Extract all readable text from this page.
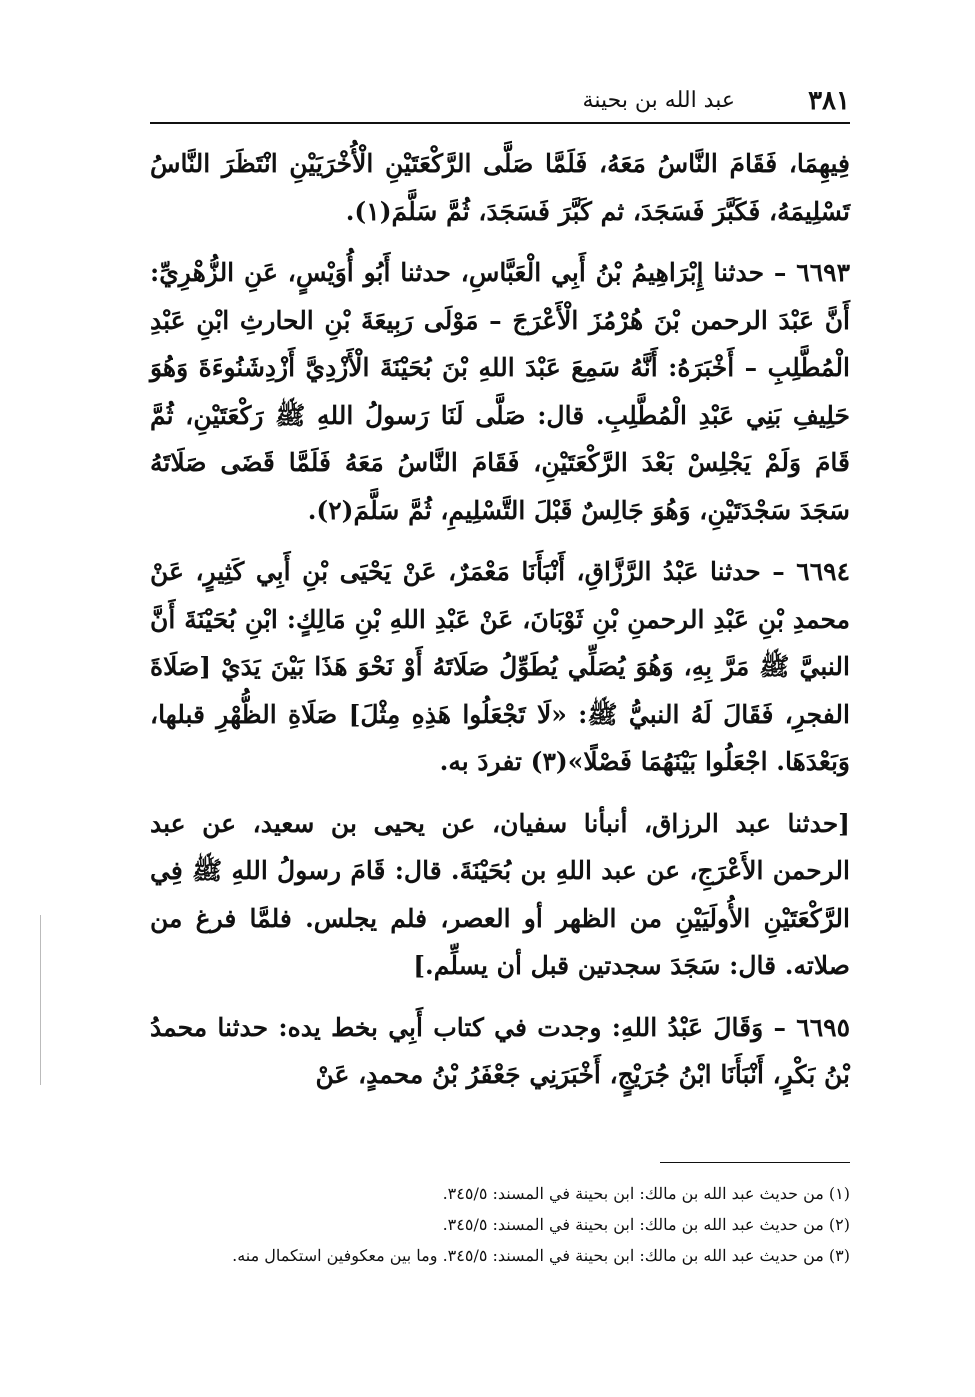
٣٨١
عبد الله بن بحينة

فِيهِمَا، فَقَامَ النَّاسُ مَعَهُ، فَلَمَّا صَلَّى الرَّكْعَتَيْنِ الْأُخْرَيَيْنِ انْتَظَرَ النَّاسُ تَسْلِيمَهُ، فَكَبَّرَ فَسَجَدَ، ثم كَبَّرَ فَسَجَدَ، ثُمَّ سَلَّمَ(١).

٦٦٩٣ – حدثنا إِبْرَاهِيمُ بْنُ أَبِي الْعَبَّاسِ، حدثنا أَبُو أُوَيْسٍ، عَنِ الزُّهْرِيِّ: أَنَّ عَبْدَ الرحمن بْنَ هُرْمُزَ الْأَعْرَجَ – مَوْلَى رَبِيعَةَ بْنِ الحارثِ ابْنِ عَبْدِ الْمُطَّلِبِ – أَخْبَرَهُ: أَنَّهُ سَمِعَ عَبْدَ اللهِ بْنَ بُحَيْنَةَ الْأَزْدِيَّ أَزْدِشَنُوءَةَ وَهُوَ حَلِيفِ بَنِي عَبْدِ الْمُطَّلِبِ. قال: صَلَّى لَنَا رَسولُ اللهِ ﷺ رَكْعَتَيْنِ، ثُمَّ قَامَ وَلَمْ يَجْلِسْ بَعْدَ الرَّكْعَتَيْنِ، فَقَامَ النَّاسُ مَعَهُ فَلَمَّا قَضَى صَلَاتَهُ سَجَدَ سَجْدَتَيْنِ، وَهُوَ جَالِسٌ قَبْلَ التَّسْلِيمِ، ثُمَّ سَلَّمَ(٢).

٦٦٩٤ – حدثنا عَبْدُ الرَّزَّاقِ، أَنْبَأَنَا مَعْمَرٌ، عَنْ يَحْيَى بْنِ أَبِي كَثِيرٍ، عَنْ محمدِ بْنِ عَبْدِ الرحمنِ بْنِ ثَوْبَانَ، عَنْ عَبْدِ اللهِ بْنِ مَالِكٍ: ابْنِ بُحَيْنَةَ أَنَّ النبيَّ ﷺ مَرَّ بِهِ، وَهُوَ يُصَلِّي يُطَوِّلُ صَلَاتَهُ أَوْ نَحْوَ هَذَا بَيْنَ يَدَيْ [صَلَاةَ الفجرِ، فَقَالَ لَهُ النبيُّ ﷺ: «لَا تَجْعَلُوا هَذِهِ مِثْلَ] صَلَاةِ الظُّهْرِ قبلها، وَبَعْدَهَا. اجْعَلُوا بَيْنَهُمَا فَصْلًا»(٣) تفردَ به.

[حدثنا عبد الرزاق، أنبأنا سفيان، عن يحيى بن سعيد، عن عبد الرحمن الأَعْرَجِ، عن عبد اللهِ بن بُحَيْنَةَ. قال: قَامَ رسولُ اللهِ ﷺ فِي الرَّكْعَتَيْنِ الأُولَيَيْنِ من الظهر أو العصر، فلم يجلس. فلمَّا فرغ من صلاته. قال: سَجَدَ سجدتين قبل أن يسلِّم.]

٦٦٩٥ – وَقَالَ عَبْدُ اللهِ: وجدت في كتاب أَبِي بخط يده: حدثنا محمدُ بْنُ بَكْرٍ، أَنْبَأَنَا ابْنُ جُرَيْجٍ، أَخْبَرَنِي جَعْفَرُ بْنُ محمدٍ، عَنْ

(١) من حديث عبد الله بن مالك: ابن بحينة في المسند: ٣٤٥/٥.

(٢) من حديث عبد الله بن مالك: ابن بحينة في المسند: ٣٤٥/٥.

(٣) من حديث عبد الله بن مالك: ابن بحينة في المسند: ٣٤٥/٥. وما بين معكوفين استكمال منه.
